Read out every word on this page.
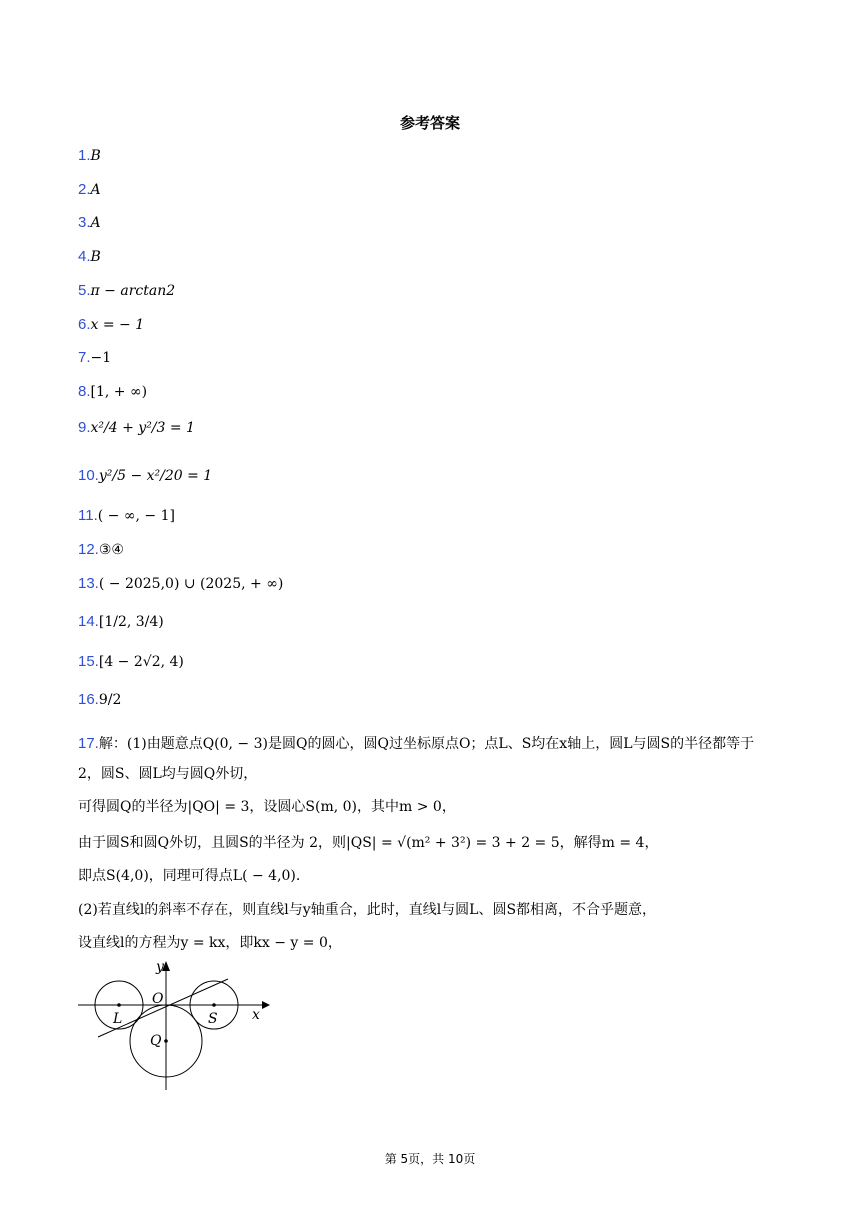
参考答案
1.B
2.A
3.A
4.B
5.π − arctan2
6.x = − 1
7.−1
8.[1, + ∞)
9.x²/4 + y²/3 = 1
10.y²/5 − x²/20 = 1
11.( − ∞, − 1]
12.③④
13.( − 2025,0) ∪ (2025, + ∞)
14.[1/2, 3/4)
15.[4 − 2√2, 4)
16.9/2
17.解：(1)由题意点Q(0, − 3)是圆Q的圆心，圆Q过坐标原点O；点L、S均在x轴上，圆L与圆S的半径都等于
2，圆S、圆L均与圆Q外切，
可得圆Q的半径为|QO| = 3，设圆心S(m, 0)，其中m > 0，
由于圆S和圆Q外切，且圆S的半径为 2，则|QS| = √(m² + 3²) = 3 + 2 = 5，解得m = 4，
即点S(4,0)，同理可得点L( − 4,0).
(2)若直线l的斜率不存在，则直线l与y轴重合，此时，直线l与圆L、圆S都相离，不合乎题意，
设直线l的方程为y = kx，即kx − y = 0，
y
x
O
L	S
Q
第 5页，共 10页
